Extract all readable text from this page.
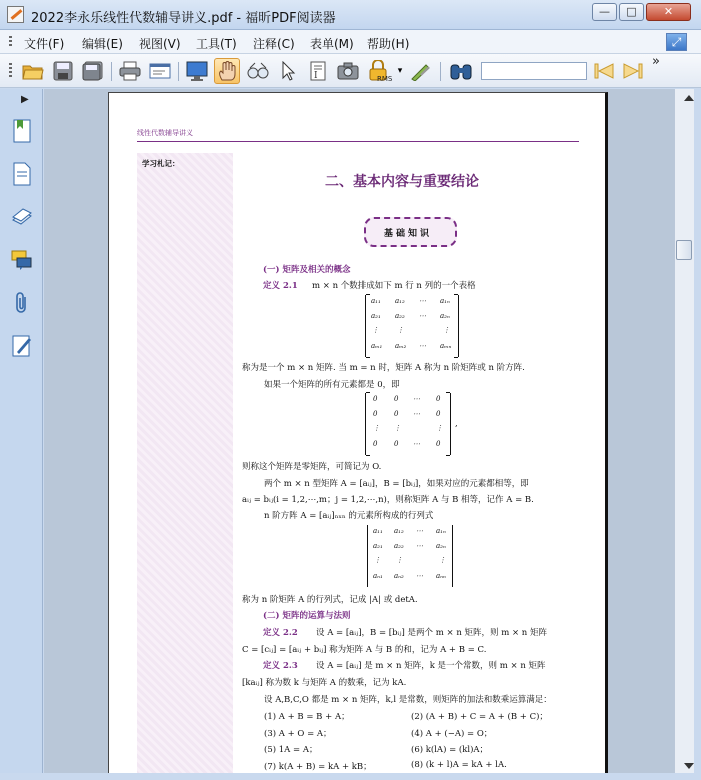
2022李永乐线性代数辅导讲义.pdf - 福昕PDF阅读器	—	□	✕
文件(F) 编辑(E) 视图(V) 工具(T) 注释(C) 表单(M) 帮助(H)	⤢
I	RMS
▾
»
▶
线性代数辅导讲义
学习札记：
二、基本内容与重要结论
基础知识
(一) 矩阵及相关的概念
定义 2.1 m × n 个数排成如下 m 行 n 列的一个表格
a₁₁ a₁₂ ⋯ a₁ₙ
a₂₁ a₂₂ ⋯ a₂ₙ
⋮	⋮	⋮
aₘ₁ aₘ₂ ⋯ aₘₙ
称为是一个 m × n 矩阵. 当 m = n 时，矩阵 A 称为 n 阶矩阵或 n 阶方阵.
如果一个矩阵的所有元素都是 0，即
0 0 ⋯ 0
0 0 ⋯ 0
⋮ ⋮	⋮
0 0 ⋯ 0
,
则称这个矩阵是零矩阵，可简记为 O.
两个 m × n 型矩阵 A = [aᵢⱼ]，B = [bᵢⱼ]，如果对应的元素都相等，即
aᵢⱼ = bᵢⱼ(i = 1,2,⋯,m；j = 1,2,⋯,n)，则称矩阵 A 与 B 相等，记作 A = B.
n 阶方阵 A = [aᵢⱼ]ₙₓₙ 的元素所构成的行列式
a₁₁ a₁₂ ⋯ a₁ₙ
a₂₁ a₂₂ ⋯ a₂ₙ
⋮ ⋮	⋮
aₙ₁ aₙ₂ ⋯ aₙₙ
称为 n 阶矩阵 A 的行列式，记成 |A| 或 detA.
(二) 矩阵的运算与法则
定义 2.2 设 A = [aᵢⱼ]，B = [bᵢⱼ] 是两个 m × n 矩阵，则 m × n 矩阵
C = [cᵢⱼ] = [aᵢⱼ + bᵢⱼ] 称为矩阵 A 与 B 的和，记为 A + B = C.
定义 2.3 设 A = [aᵢⱼ] 是 m × n 矩阵，k 是一个常数，则 m × n 矩阵
[kaᵢⱼ] 称为数 k 与矩阵 A 的数乘，记为 kA.
设 A,B,C,O 都是 m × n 矩阵，k,l 是常数，则矩阵的加法和数乘运算满足：
(1) A + B = B + A；	(2) (A + B) + C = A + (B + C)；
(3) A + O = A；	(4) A + (−A) = O；
(5) 1A = A；	(6) k(lA) = (kl)A；
(7) k(A + B) = kA + kB；	(8) (k + l)A = kA + lA.
